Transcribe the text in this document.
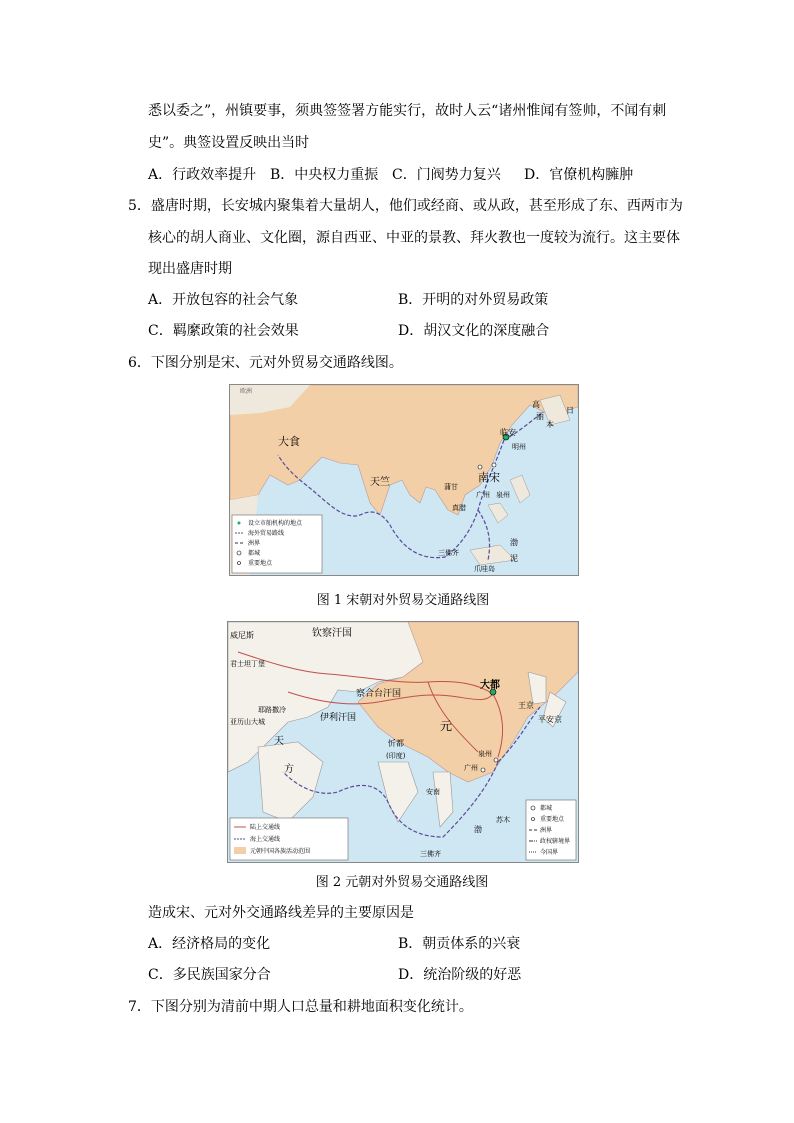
悉以委之”，州镇要事，须典签签署方能实行，故时人云“诸州惟闻有签帅，不闻有刺
史”。典签设置反映出当时
A．行政效率提升 B．中央权力重振 C．门阀势力复兴 D．官僚机构臃肿
5．盛唐时期，长安城内聚集着大量胡人，他们或经商、或从政，甚至形成了东、西两市为
核心的胡人商业、文化圈，源自西亚、中亚的景教、拜火教也一度较为流行。这主要体
现出盛唐时期
A．开放包容的社会气象	B．开明的对外贸易政策
C．羁縻政策的社会效果	D．胡汉文化的深度融合
6．下图分别是宋、元对外贸易交通路线图。
欧洲
大食
天竺	南宋
临安
明州
广州 泉州
蒲甘
真腊
日
本
高
丽
三佛齐
爪哇岛
渤
泥
设立市舶机构的地点
海外贸易路线
洲界
都城
重要地点
图 1 宋朝对外贸易交通路线图
威尼斯
君士坦丁堡
耶路撒冷
亚历山大城
钦察汗国
察合台汗国
伊利汗国
天
方
忻都
(印度)
大都
元
王京
平安京
泉州
广州
安南
三佛齐
苏木
渤
陆上交通线
海上交通线
元朝中国各族活动范围
都城
重要地点
洲界
政权辖境界
今国界
图 2 元朝对外贸易交通路线图
造成宋、元对外交通路线差异的主要原因是
A．经济格局的变化	B．朝贡体系的兴衰
C．多民族国家分合	D．统治阶级的好恶
7．下图分别为清前中期人口总量和耕地面积变化统计。
